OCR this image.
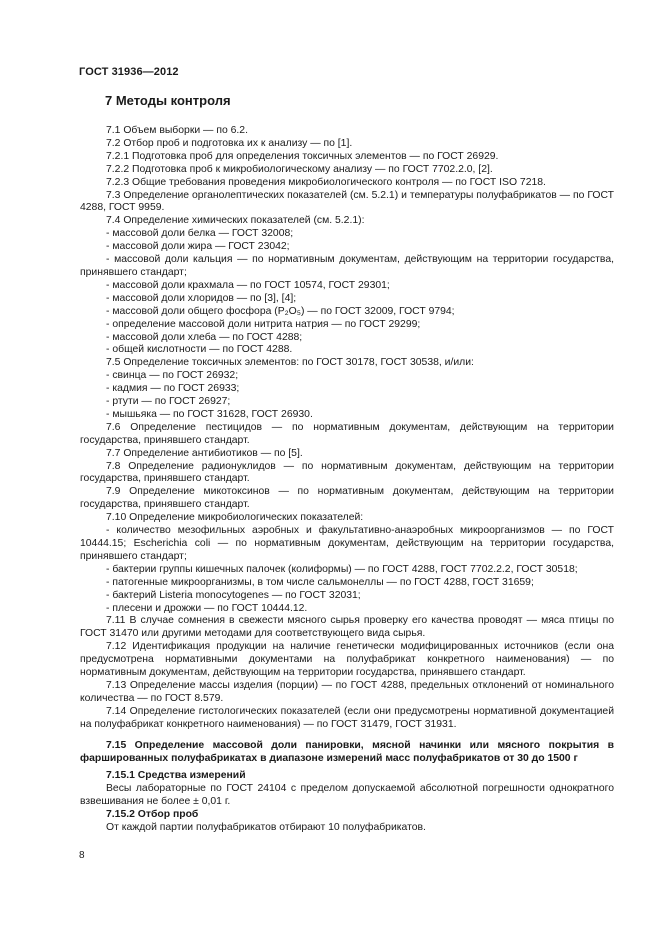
ГОСТ 31936—2012
7 Методы контроля

7.1 Объем выборки — по 6.2.

7.2 Отбор проб и подготовка их к анализу — по [1].

7.2.1 Подготовка проб для определения токсичных элементов — по ГОСТ 26929.

7.2.2 Подготовка проб к микробиологическому анализу — по ГОСТ 7702.2.0, [2].

7.2.3 Общие требования проведения микробиологического контроля — по ГОСТ ISO 7218.

7.3 Определение органолептических показателей (см. 5.2.1) и температуры полуфабрикатов — по ГОСТ 4288, ГОСТ 9959.

7.4 Определение химических показателей (см. 5.2.1):

- массовой доли белка — ГОСТ 32008;

- массовой доли жира — ГОСТ 23042;

- массовой доли кальция — по нормативным документам, действующим на территории государства, принявшего стандарт;

- массовой доли крахмала — по ГОСТ 10574, ГОСТ 29301;

- массовой доли хлоридов — по [3], [4];

- массовой доли общего фосфора (P₂O₅) — по ГОСТ 32009, ГОСТ 9794;

- определение массовой доли нитрита натрия — по ГОСТ 29299;

- массовой доли хлеба — по ГОСТ 4288;

- общей кислотности — по ГОСТ 4288.

7.5 Определение токсичных элементов: по ГОСТ 30178, ГОСТ 30538, и/или:

- свинца — по ГОСТ 26932;

- кадмия — по ГОСТ 26933;

- ртути — по ГОСТ 26927;

- мышьяка — по ГОСТ 31628, ГОСТ 26930.

7.6 Определение пестицидов — по нормативным документам, действующим на территории государства, принявшего стандарт.

7.7 Определение антибиотиков — по [5].

7.8 Определение радионуклидов — по нормативным документам, действующим на территории государства, принявшего стандарт.

7.9 Определение микотоксинов — по нормативным документам, действующим на территории государства, принявшего стандарт.

7.10 Определение микробиологических показателей:

- количество мезофильных аэробных и факультативно-анаэробных микроорганизмов — по ГОСТ 10444.15; Escherichia coli — по нормативным документам, действующим на территории государства, принявшего стандарт;

- бактерии группы кишечных палочек (колиформы) — по ГОСТ 4288, ГОСТ 7702.2.2, ГОСТ 30518;

- патогенные микроорганизмы, в том числе сальмонеллы — по ГОСТ 4288, ГОСТ 31659;

- бактерий Listeria monocytogenes — по ГОСТ 32031;

- плесени и дрожжи — по ГОСТ 10444.12.

7.11 В случае сомнения в свежести мясного сырья проверку его качества проводят — мяса птицы по ГОСТ 31470 или другими методами для соответствующего вида сырья.

7.12 Идентификация продукции на наличие генетически модифицированных источников (если она предусмотрена нормативными документами на полуфабрикат конкретного наименования) — по нормативным документам, действующим на территории государства, принявшего стандарт.

7.13 Определение массы изделия (порции) — по ГОСТ 4288, предельных отклонений от номинального количества — по ГОСТ 8.579.

7.14 Определение гистологических показателей (если они предусмотрены нормативной документацией на полуфабрикат конкретного наименования) — по ГОСТ 31479, ГОСТ 31931.

7.15 Определение массовой доли панировки, мясной начинки или мясного покрытия в фаршированных полуфабрикатах в диапазоне измерений масс полуфабрикатов от 30 до 1500 г

7.15.1 Средства измерений

Весы лабораторные по ГОСТ 24104 с пределом допускаемой абсолютной погрешности однократного взвешивания не более ± 0,01 г.

7.15.2 Отбор проб

От каждой партии полуфабрикатов отбирают 10 полуфабрикатов.

8
